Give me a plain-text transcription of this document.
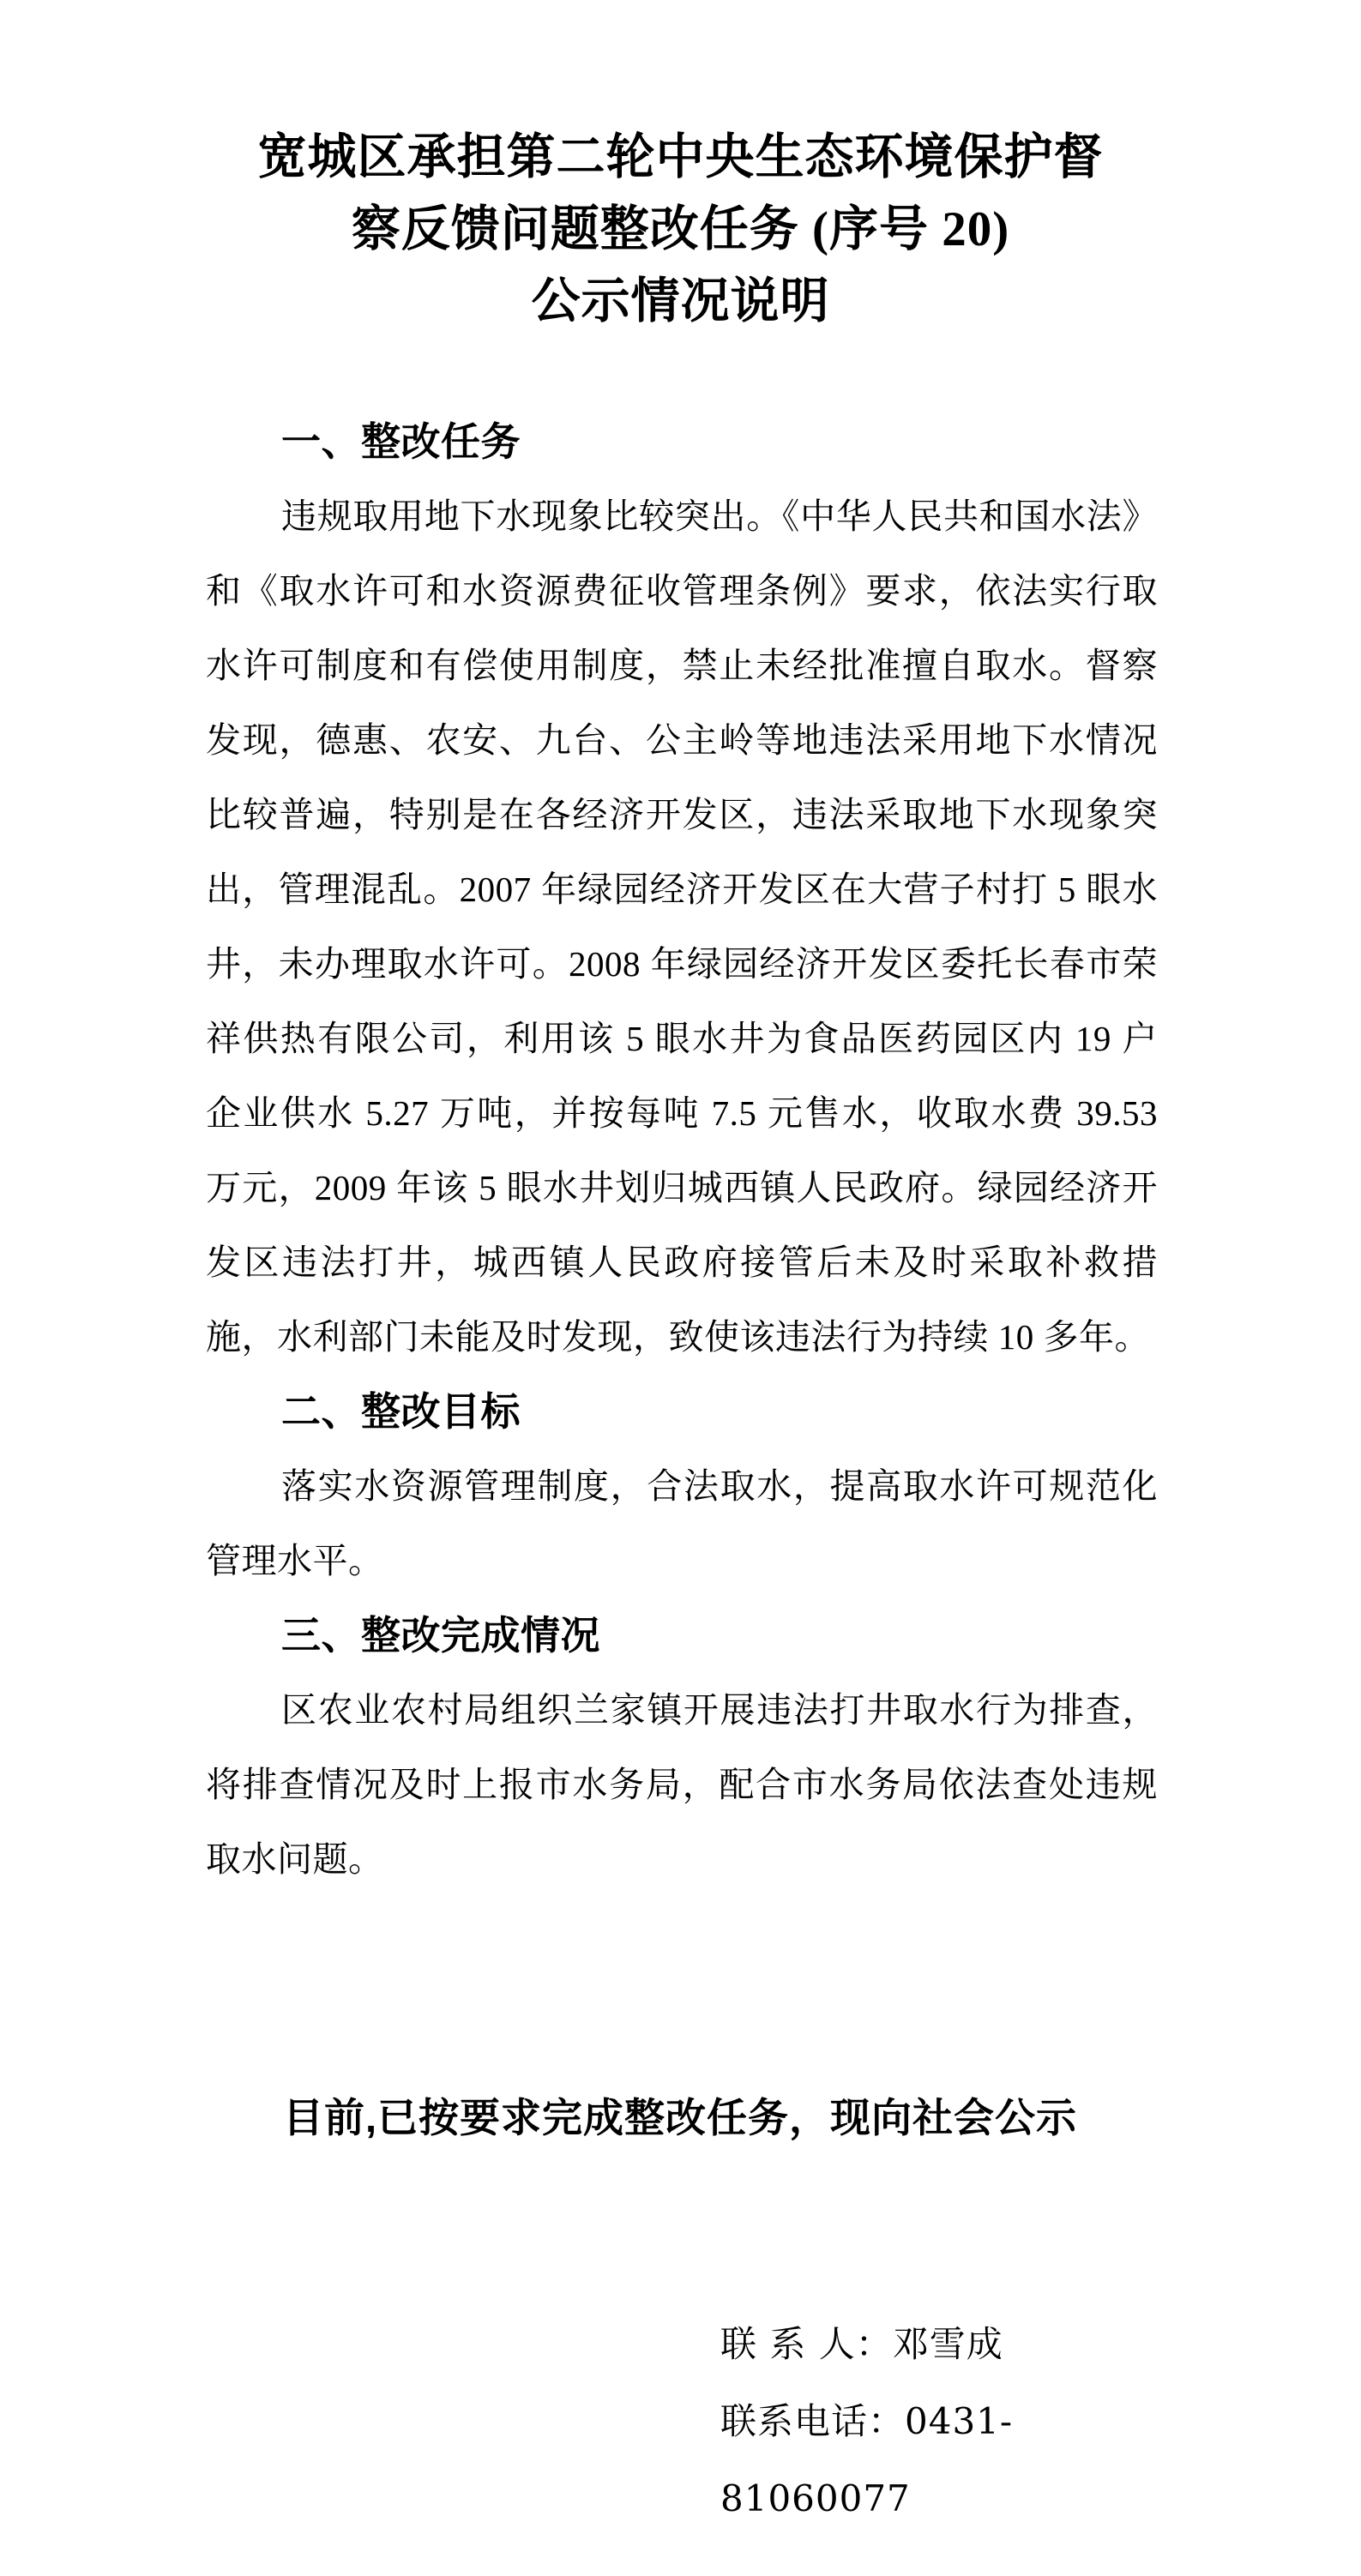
宽城区承担第二轮中央生态环境保护督
察反馈问题整改任务 (序号 20)
公示情况说明
一、整改任务
违规取用地下水现象比较突出。《中华人民共和国水法》
和《取水许可和水资源费征收管理条例》要求，依法实行取
水许可制度和有偿使用制度，禁止未经批准擅自取水。督察
发现，德惠、农安、九台、公主岭等地违法采用地下水情况
比较普遍，特别是在各经济开发区，违法采取地下水现象突
出，管理混乱。2007 年绿园经济开发区在大营子村打 5 眼水
井，未办理取水许可。2008 年绿园经济开发区委托长春市荣
祥供热有限公司，利用该 5 眼水井为食品医药园区内 19 户
企业供水 5.27 万吨，并按每吨 7.5 元售水，收取水费 39.53
万元，2009 年该 5 眼水井划归城西镇人民政府。绿园经济开
发区违法打井，城西镇人民政府接管后未及时采取补救措
施，水利部门未能及时发现，致使该违法行为持续 10 多年。
二、整改目标
落实水资源管理制度，合法取水，提高取水许可规范化
管理水平。
三、整改完成情况
区农业农村局组织兰家镇开展违法打井取水行为排查，
将排查情况及时上报市水务局，配合市水务局依法查处违规
取水问题。
目前,已按要求完成整改任务，现向社会公示
联 系 人：邓雪成
联系电话：0431-81060077
